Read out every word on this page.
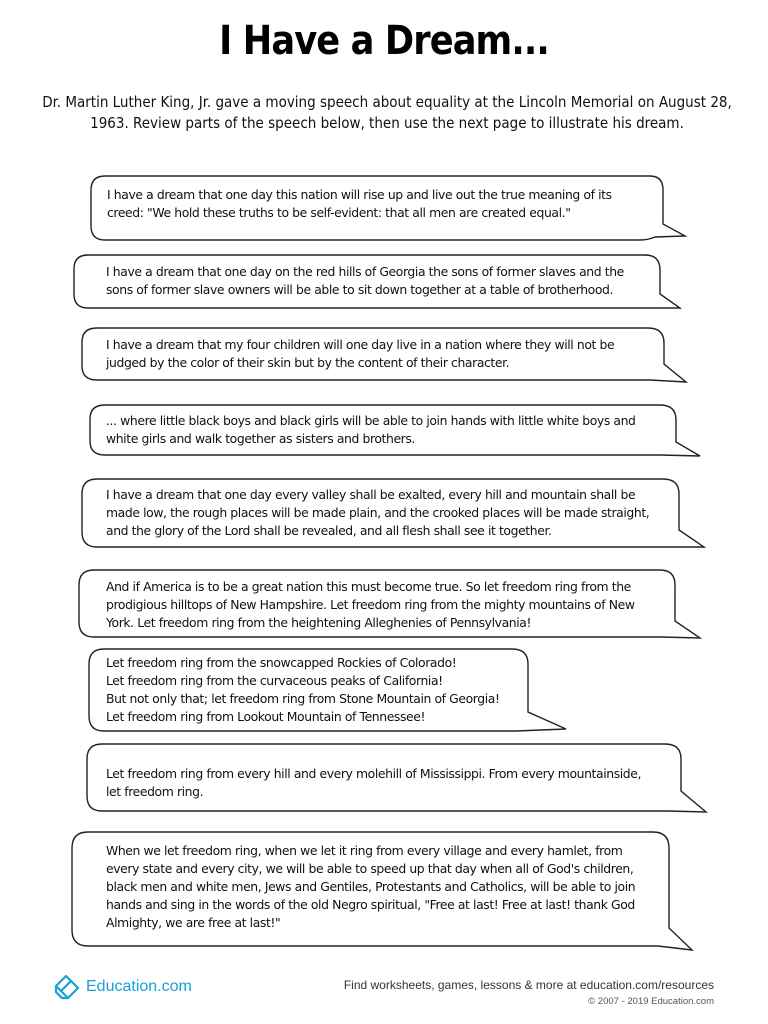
I Have a Dream...
Dr. Martin Luther King, Jr. gave a moving speech about equality at the Lincoln Memorial on August 28, 1963. Review parts of the speech below, then use the next page to illustrate his dream.
I have a dream that one day this nation will rise up and live out the true meaning of its
creed: "We hold these truths to be self-evident: that all men are created equal."
I have a dream that one day on the red hills of Georgia the sons of former slaves and the
sons of former slave owners will be able to sit down together at a table of brotherhood.
I have a dream that my four children will one day live in a nation where they will not be
judged by the color of their skin but by the content of their character.
... where little black boys and black girls will be able to join hands with little white boys and
white girls and walk together as sisters and brothers.
I have a dream that one day every valley shall be exalted, every hill and mountain shall be
made low, the rough places will be made plain, and the crooked places will be made straight,
and the glory of the Lord shall be revealed, and all flesh shall see it together.
And if America is to be a great nation this must become true. So let freedom ring from the
prodigious hilltops of New Hampshire. Let freedom ring from the mighty mountains of New
York. Let freedom ring from the heightening Alleghenies of Pennsylvania!
Let freedom ring from the snowcapped Rockies of Colorado!
Let freedom ring from the curvaceous peaks of California!
But not only that; let freedom ring from Stone Mountain of Georgia!
Let freedom ring from Lookout Mountain of Tennessee!
Let freedom ring from every hill and every molehill of Mississippi. From every mountainside,
let freedom ring.
When we let freedom ring, when we let it ring from every village and every hamlet, from
every state and every city, we will be able to speed up that day when all of God's children,
black men and white men, Jews and Gentiles, Protestants and Catholics, will be able to join
hands and sing in the words of the old Negro spiritual, "Free at last! Free at last! thank God
Almighty, we are free at last!"
Education.com	Find worksheets, games, lessons & more at education.com/resources
© 2007 - 2019 Education.com
